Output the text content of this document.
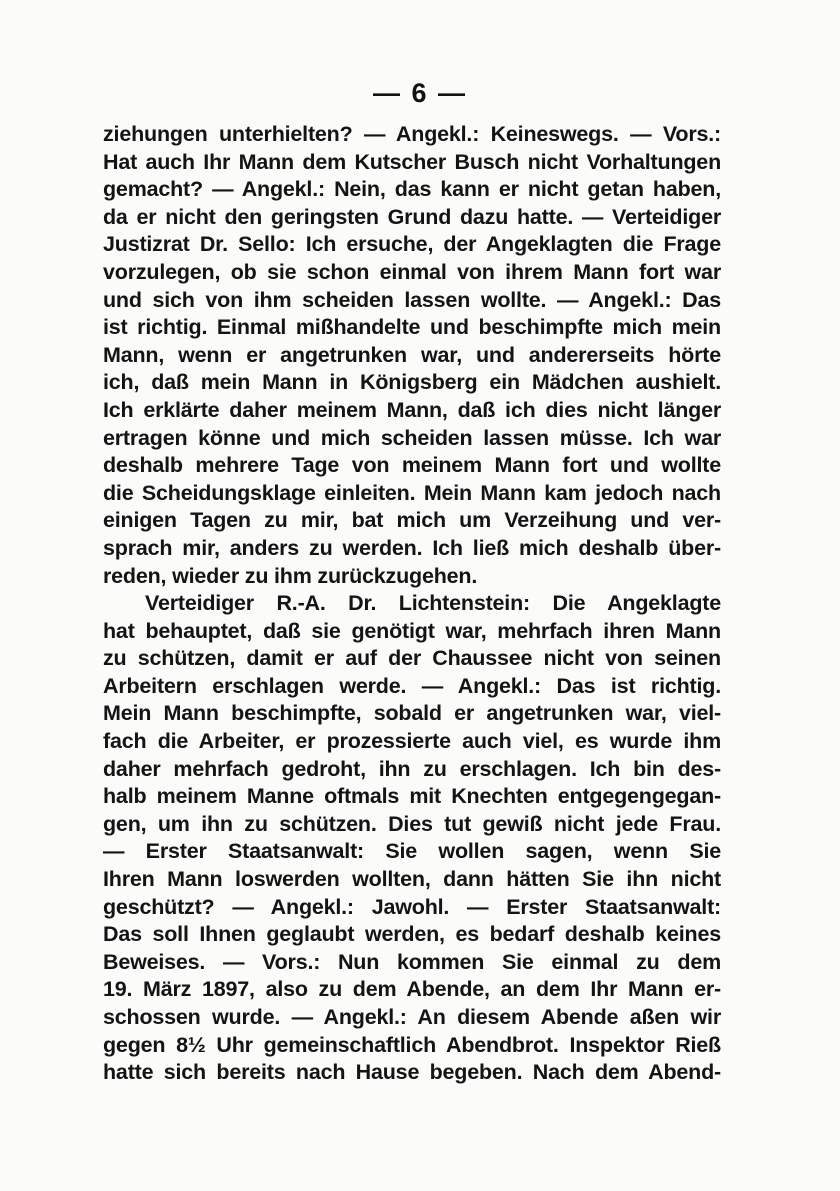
— 6 —
ziehungen unterhielten? — Angekl.: Keineswegs. — Vors.:
Hat auch Ihr Mann dem Kutscher Busch nicht Vorhaltungen
gemacht? — Angekl.: Nein, das kann er nicht getan haben,
da er nicht den geringsten Grund dazu hatte. — Verteidiger
Justizrat Dr. Sello: Ich ersuche, der Angeklagten die Frage
vorzulegen, ob sie schon einmal von ihrem Mann fort war
und sich von ihm scheiden lassen wollte. — Angekl.: Das
ist richtig. Einmal mißhandelte und beschimpfte mich mein
Mann, wenn er angetrunken war, und andererseits hörte
ich, daß mein Mann in Königsberg ein Mädchen aushielt.
Ich erklärte daher meinem Mann, daß ich dies nicht länger
ertragen könne und mich scheiden lassen müsse. Ich war
deshalb mehrere Tage von meinem Mann fort und wollte
die Scheidungsklage einleiten. Mein Mann kam jedoch nach
einigen Tagen zu mir, bat mich um Verzeihung und ver-
sprach mir, anders zu werden. Ich ließ mich deshalb über-
reden, wieder zu ihm zurückzugehen.
Verteidiger R.-A. Dr. Lichtenstein: Die Angeklagte
hat behauptet, daß sie genötigt war, mehrfach ihren Mann
zu schützen, damit er auf der Chaussee nicht von seinen
Arbeitern erschlagen werde. — Angekl.: Das ist richtig.
Mein Mann beschimpfte, sobald er angetrunken war, viel-
fach die Arbeiter, er prozessierte auch viel, es wurde ihm
daher mehrfach gedroht, ihn zu erschlagen. Ich bin des-
halb meinem Manne oftmals mit Knechten entgegengegan-
gen, um ihn zu schützen. Dies tut gewiß nicht jede Frau.
— Erster Staatsanwalt: Sie wollen sagen, wenn Sie
Ihren Mann loswerden wollten, dann hätten Sie ihn nicht
geschützt? — Angekl.: Jawohl. — Erster Staatsanwalt:
Das soll Ihnen geglaubt werden, es bedarf deshalb keines
Beweises. — Vors.: Nun kommen Sie einmal zu dem
19. März 1897, also zu dem Abende, an dem Ihr Mann er-
schossen wurde. — Angekl.: An diesem Abende aßen wir
gegen 8½ Uhr gemeinschaftlich Abendbrot. Inspektor Rieß
hatte sich bereits nach Hause begeben. Nach dem Abend-
